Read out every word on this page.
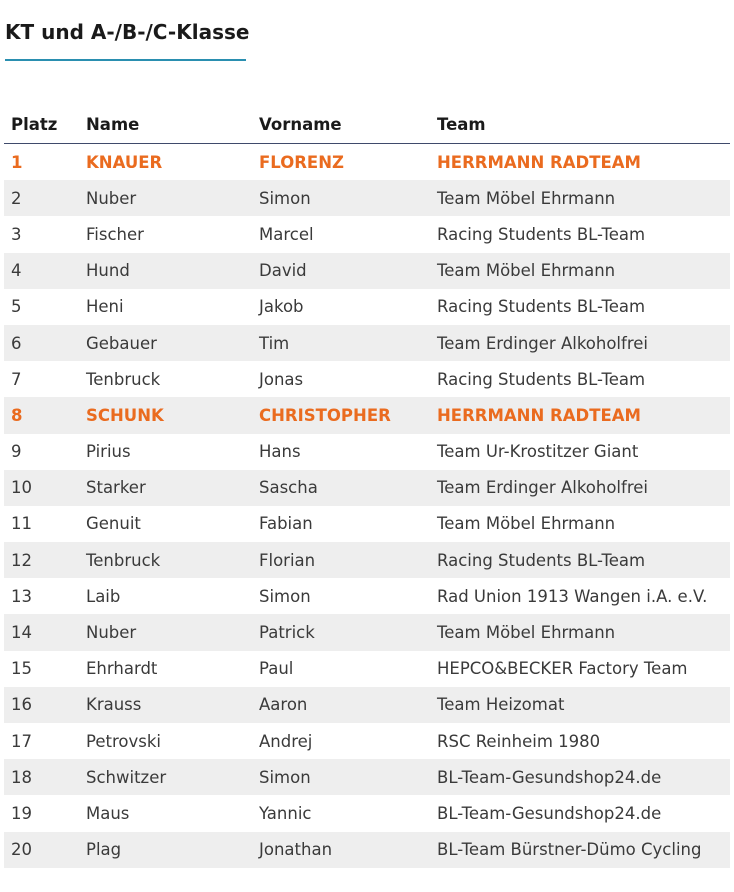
KT und A-/B-/C-Klasse
Platz	Name	Vorname	Team
1	KNAUER	FLORENZ	HERRMANN RADTEAM
2	Nuber	Simon	Team Möbel Ehrmann
3	Fischer	Marcel	Racing Students BL-Team
4	Hund	David	Team Möbel Ehrmann
5	Heni	Jakob	Racing Students BL-Team
6	Gebauer	Tim	Team Erdinger Alkoholfrei
7	Tenbruck	Jonas	Racing Students BL-Team
8	SCHUNK	CHRISTOPHER	HERRMANN RADTEAM
9	Pirius	Hans	Team Ur-Krostitzer Giant
10	Starker	Sascha	Team Erdinger Alkoholfrei
11	Genuit	Fabian	Team Möbel Ehrmann
12	Tenbruck	Florian	Racing Students BL-Team
13	Laib	Simon	Rad Union 1913 Wangen i.A. e.V.
14	Nuber	Patrick	Team Möbel Ehrmann
15	Ehrhardt	Paul	HEPCO&BECKER Factory Team
16	Krauss	Aaron	Team Heizomat
17	Petrovski	Andrej	RSC Reinheim 1980
18	Schwitzer	Simon	BL-Team-Gesundshop24.de
19	Maus	Yannic	BL-Team-Gesundshop24.de
20	Plag	Jonathan	BL-Team Bürstner-Dümo Cycling
